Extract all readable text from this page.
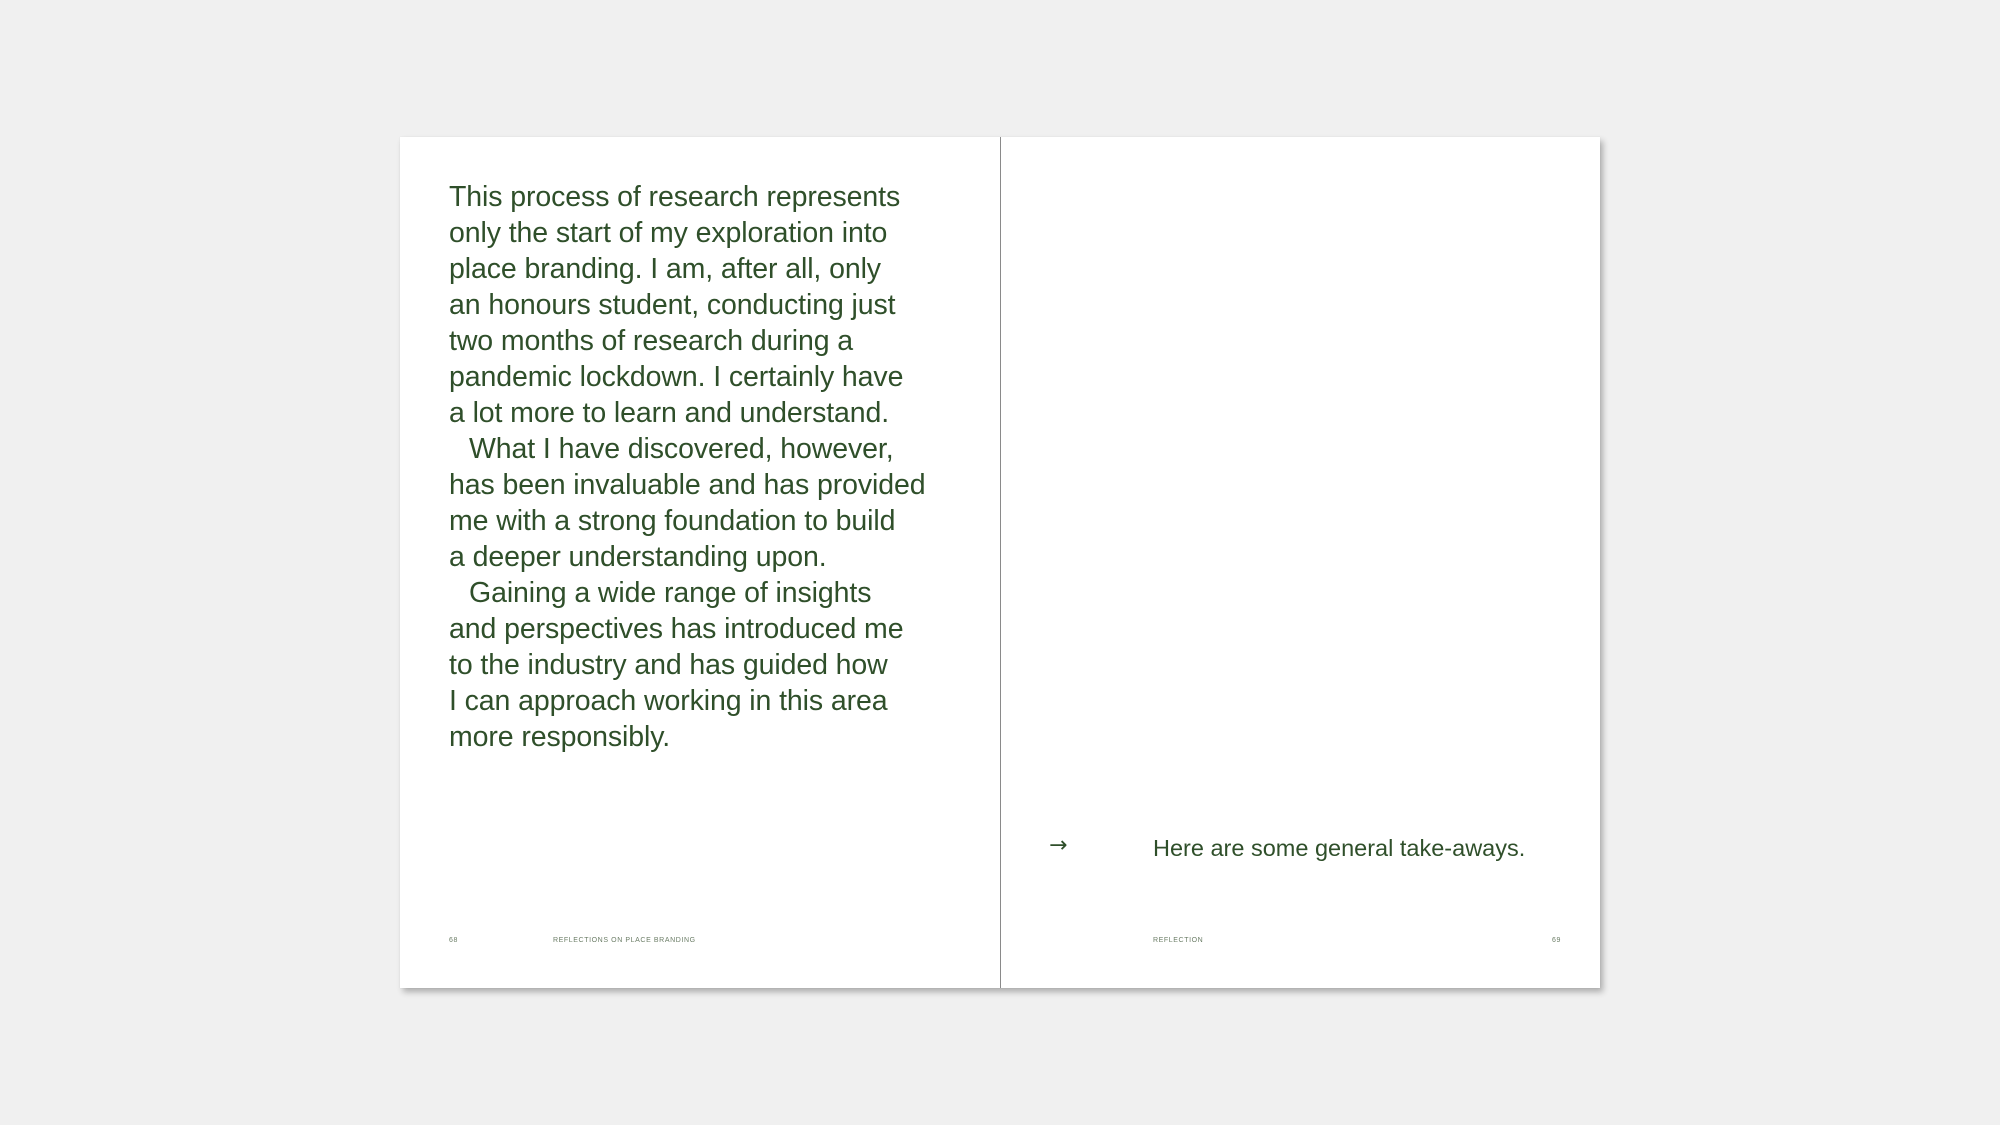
This process of research represents
only the start of my exploration into
place branding. I am, after all, only
an honours student, conducting just
two months of research during a
pandemic lockdown. I certainly have
a lot more to learn and understand.

What I have discovered, however,
has been invaluable and has provided
me with a strong foundation to build
a deeper understanding upon.

Gaining a wide range of insights
and perspectives has introduced me
to the industry and has guided how
I can approach working in this area
more responsibly.

68	REFLECTIONS ON PLACE BRANDING
→	Here are some general take-aways.
REFLECTION	69
